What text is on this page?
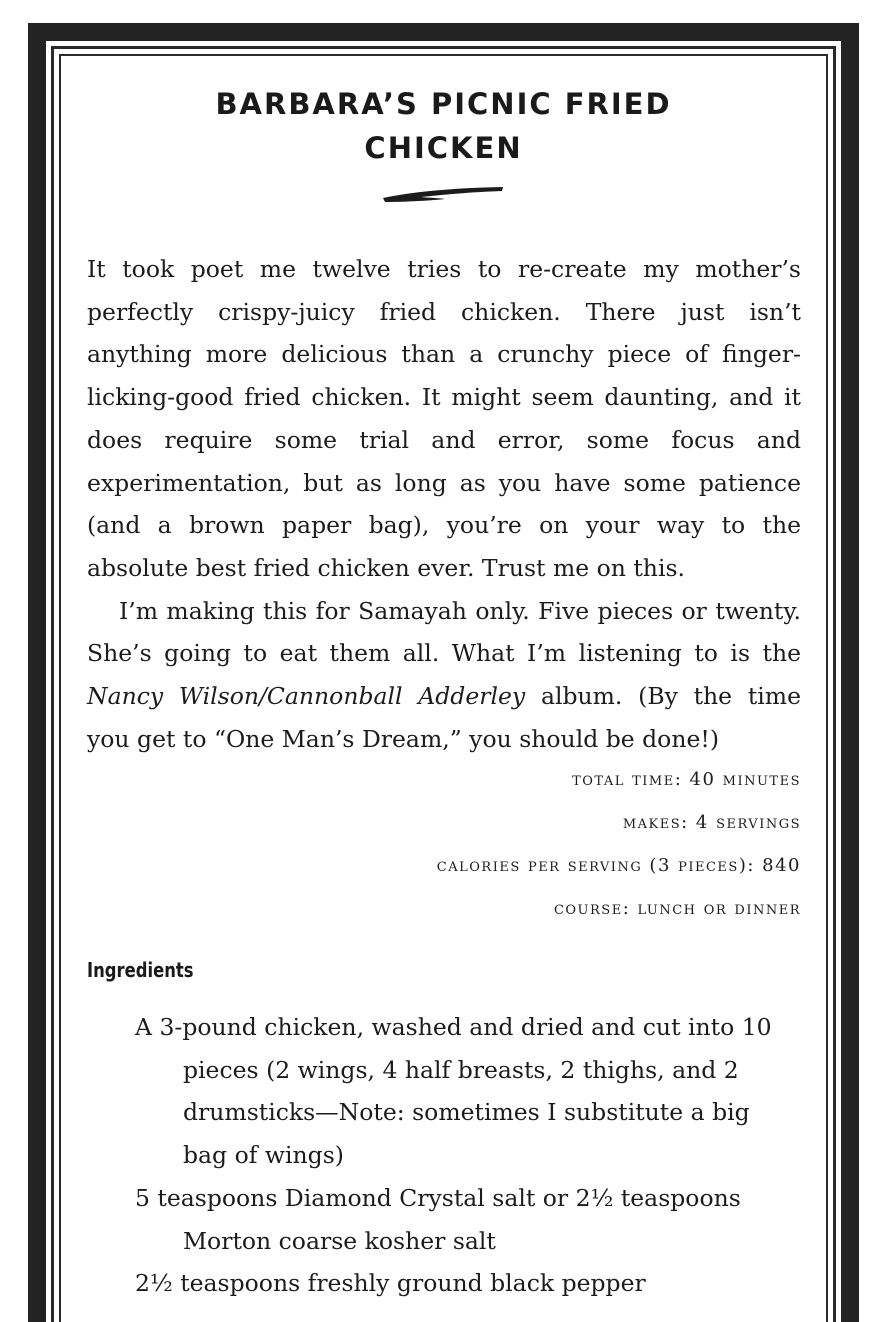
BARBARA’S PICNIC FRIED
CHICKEN

It took poet me twelve tries to re-create my mother’s perfectly crispy-juicy fried chicken. There just isn’t anything more delicious than a crunchy piece of finger-licking-good fried chicken. It might seem daunting, and it does require some trial and error, some focus and experimentation, but as long as you have some patience (and a brown paper bag), you’re on your way to the absolute best fried chicken ever. Trust me on this.

I’m making this for Samayah only. Five pieces or twenty. She’s going to eat them all. What I’m listening to is the Nancy Wilson/Cannonball Adderley album. (By the time you get to “One Man’s Dream,” you should be done!)

total time: 40 minutes
makes: 4 servings
calories per serving (3 pieces): 840
course: lunch or dinner
Ingredients
A 3-pound chicken, washed and dried and cut into 10 pieces (2 wings, 4 half breasts, 2 thighs, and 2 drumsticks—Note: sometimes I substitute a big bag of wings)
5 teaspoons Diamond Crystal salt or 2½ teaspoons Morton coarse kosher salt
2½ teaspoons freshly ground black pepper
